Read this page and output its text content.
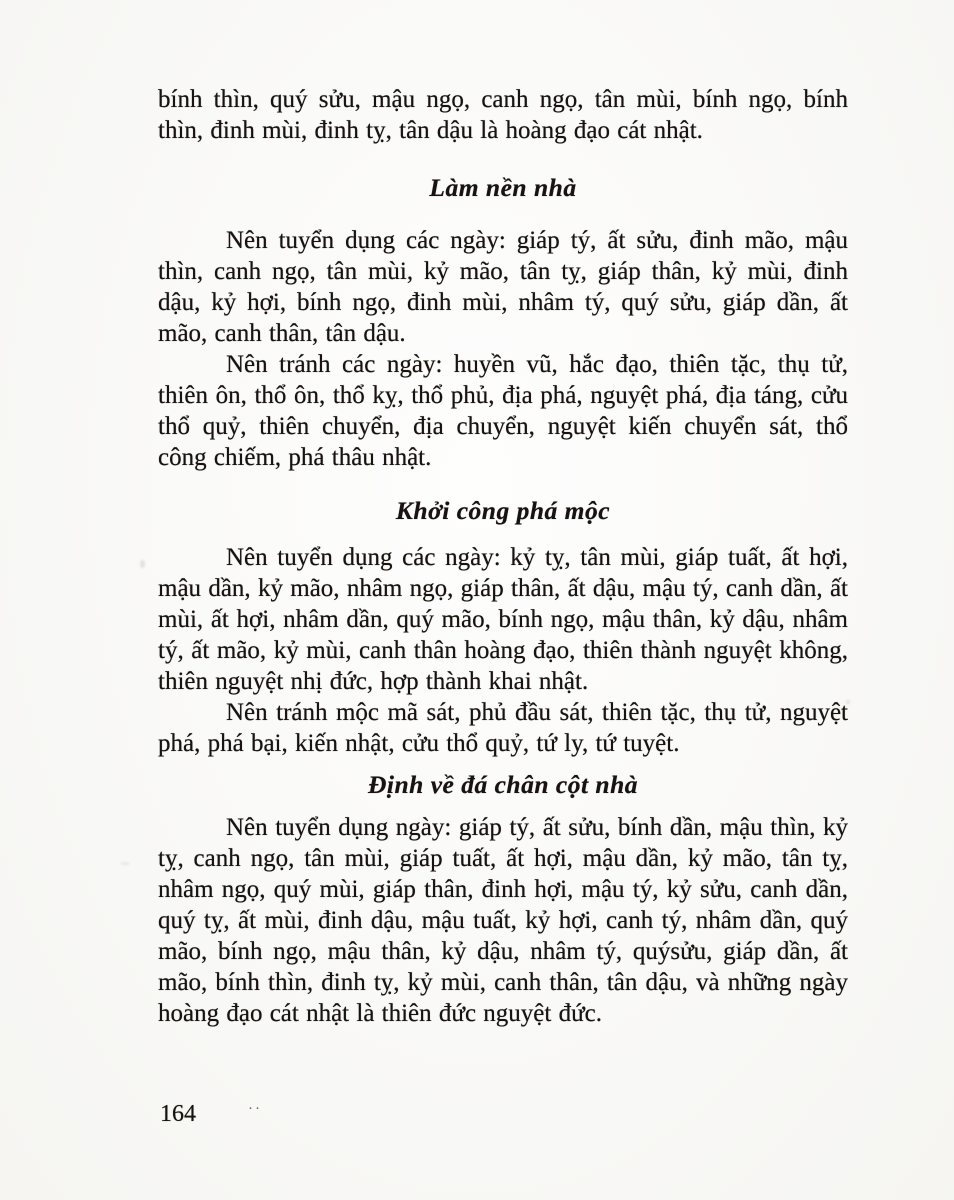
bính thìn, quý sửu, mậu ngọ, canh ngọ, tân mùi, bính ngọ, bính thìn, đinh mùi, đinh tỵ, tân dậu là hoàng đạo cát nhật.

Làm nền nhà

Nên tuyển dụng các ngày: giáp tý, ất sửu, đinh mão, mậu thìn, canh ngọ, tân mùi, kỷ mão, tân tỵ, giáp thân, kỷ mùi, đinh dậu, kỷ hợi, bính ngọ, đinh mùi, nhâm tý, quý sửu, giáp dần, ất mão, canh thân, tân dậu.

Nên tránh các ngày: huyền vũ, hắc đạo, thiên tặc, thụ tử, thiên ôn, thổ ôn, thổ kỵ, thổ phủ, địa phá, nguyệt phá, địa táng, cửu thổ quỷ, thiên chuyển, địa chuyển, nguyệt kiến chuyển sát, thổ công chiếm, phá thâu nhật.

Khởi công phá mộc

Nên tuyển dụng các ngày: kỷ tỵ, tân mùi, giáp tuất, ất hợi, mậu dần, kỷ mão, nhâm ngọ, giáp thân, ất dậu, mậu tý, canh dần, ất mùi, ất hợi, nhâm dần, quý mão, bính ngọ, mậu thân, kỷ dậu, nhâm tý, ất mão, kỷ mùi, canh thân hoàng đạo, thiên thành nguyệt không, thiên nguyệt nhị đức, hợp thành khai nhật.

Nên tránh mộc mã sát, phủ đầu sát, thiên tặc, thụ tử, nguyệt phá, phá bại, kiến nhật, cửu thổ quỷ, tứ ly, tứ tuyệt.

Định về đá chân cột nhà

Nên tuyển dụng ngày: giáp tý, ất sửu, bính dần, mậu thìn, kỷ tỵ, canh ngọ, tân mùi, giáp tuất, ất hợi, mậu dần, kỷ mão, tân tỵ, nhâm ngọ, quý mùi, giáp thân, đinh hợi, mậu tý, kỷ sửu, canh dần, quý tỵ, ất mùi, đinh dậu, mậu tuất, kỷ hợi, canh tý, nhâm dần, quý mão, bính ngọ, mậu thân, kỷ dậu, nhâm tý, quýsửu, giáp dần, ất mão, bính thìn, đinh tỵ, kỷ mùi, canh thân, tân dậu, và những ngày hoàng đạo cát nhật là thiên đức nguyệt đức.

164	··
